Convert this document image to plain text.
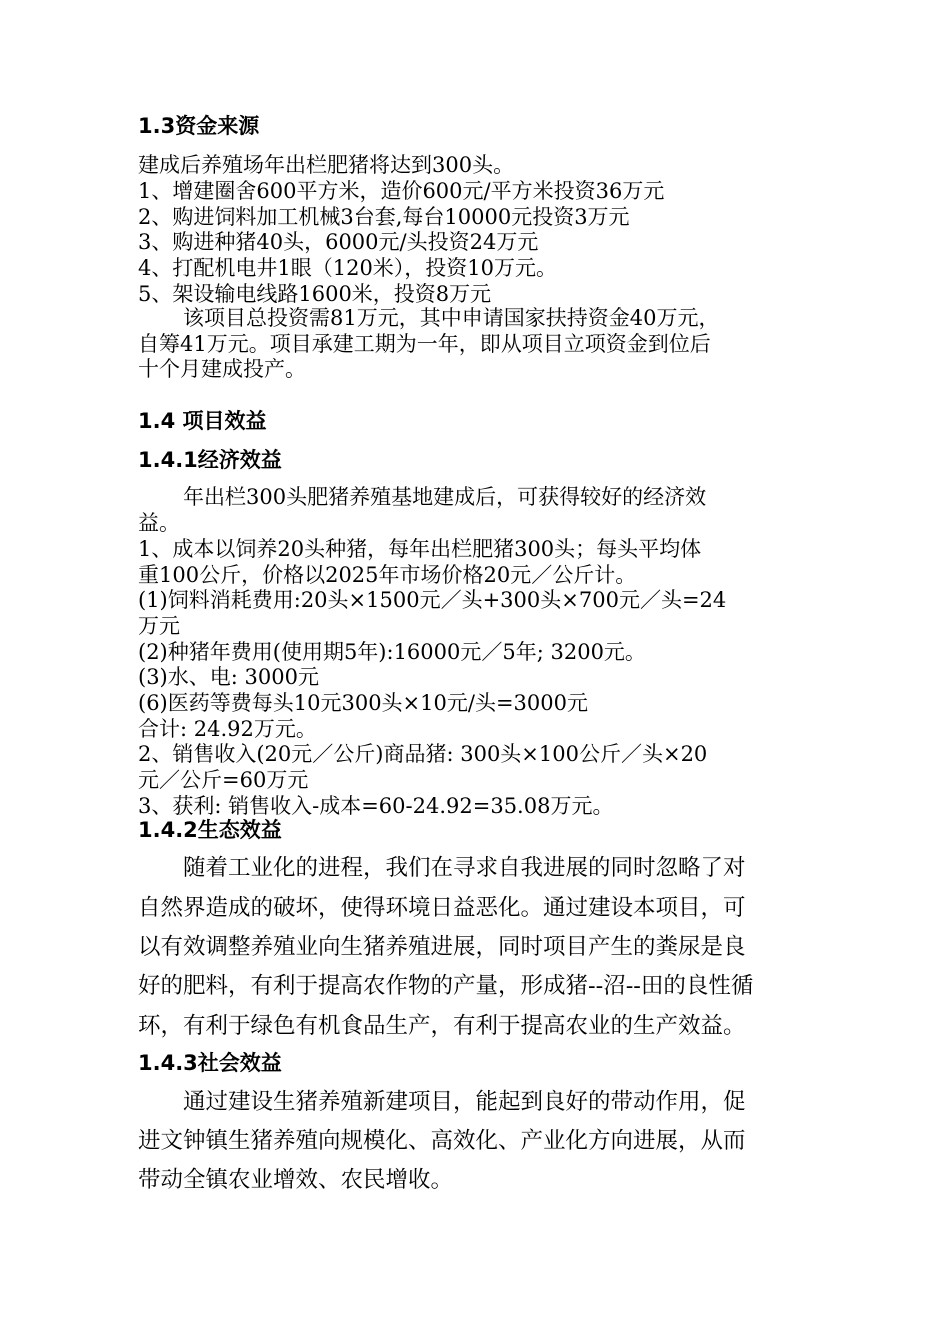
1.3资金来源

建成后养殖场年出栏肥猪将达到300头。

1、增建圈舍600平方米，造价600元/平方米投资36万元

2、购进饲料加工机械3台套,每台10000元投资3万元

3、购进种猪40头，6000元/头投资24万元

4、打配机电井1眼（120米），投资10万元。

5、架设输电线路1600米，投资8万元

该项目总投资需81万元，其中申请国家扶持资金40万元，

自筹41万元。项目承建工期为一年，即从项目立项资金到位后

十个月建成投产。

1.4 项目效益

1.4.1经济效益

年出栏300头肥猪养殖基地建成后，可获得较好的经济效

益。

1、成本以饲养20头种猪，每年出栏肥猪300头；每头平均体

重100公斤，价格以2025年市场价格20元／公斤计。

(1)饲料消耗费用:20头×1500元／头+300头×700元／头=24

万元

(2)种猪年费用(使用期5年):16000元／5年; 3200元。

(3)水、电: 3000元

(6)医药等费每头10元300头×10元/头=3000元

合计: 24.92万元。

2、销售收入(20元／公斤)商品猪: 300头×100公斤／头×20

元／公斤=60万元

3、获利: 销售收入-成本=60-24.92=35.08万元。

1.4.2生态效益

随着工业化的进程，我们在寻求自我进展的同时忽略了对

自然界造成的破坏，使得环境日益恶化。通过建设本项目，可

以有效调整养殖业向生猪养殖进展，同时项目产生的粪尿是良

好的肥料，有利于提高农作物的产量，形成猪--沼--田的良性循

环，有利于绿色有机食品生产，有利于提高农业的生产效益。

1.4.3社会效益

通过建设生猪养殖新建项目，能起到良好的带动作用，促

进文钟镇生猪养殖向规模化、高效化、产业化方向进展，从而

带动全镇农业增效、农民增收。
